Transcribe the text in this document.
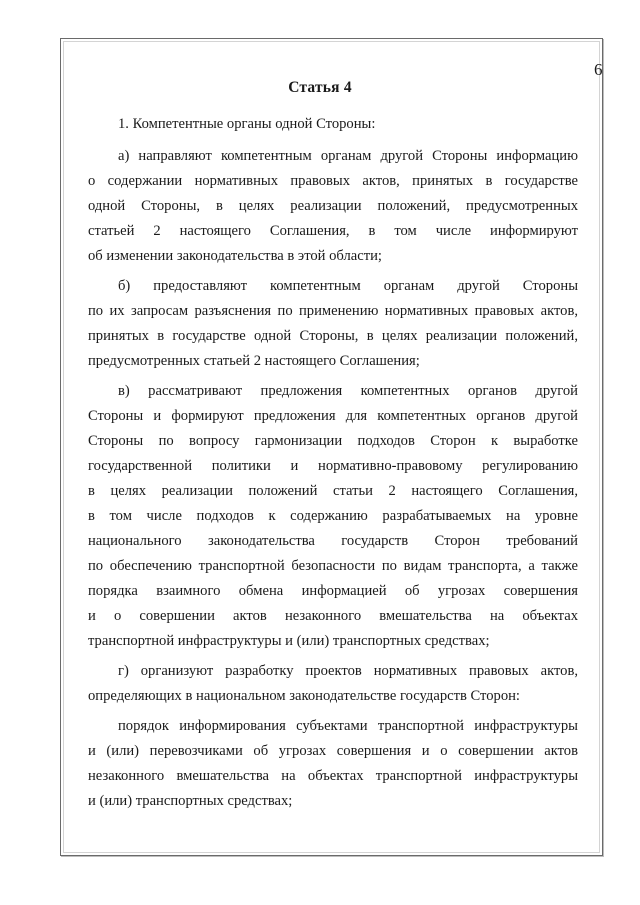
6
Статья 4
1. Компетентные органы одной Стороны:
а) направляют компетентным органам другой Стороны информацию
о содержании нормативных правовых актов, принятых в государстве
одной Стороны, в целях реализации положений, предусмотренных
статьей 2 настоящего Соглашения, в том числе информируют
об изменении законодательства в этой области;
б) предоставляют компетентным органам другой Стороны
по их запросам разъяснения по применению нормативных правовых актов,
принятых в государстве одной Стороны, в целях реализации положений,
предусмотренных статьей 2 настоящего Соглашения;
в) рассматривают предложения компетентных органов другой
Стороны и формируют предложения для компетентных органов другой
Стороны по вопросу гармонизации подходов Сторон к выработке
государственной политики и нормативно-правовому регулированию
в целях реализации положений статьи 2 настоящего Соглашения,
в том числе подходов к содержанию разрабатываемых на уровне
национального законодательства государств Сторон требований
по обеспечению транспортной безопасности по видам транспорта, а также
порядка взаимного обмена информацией об угрозах совершения
и о совершении актов незаконного вмешательства на объектах
транспортной инфраструктуры и (или) транспортных средствах;
г) организуют разработку проектов нормативных правовых актов,
определяющих в национальном законодательстве государств Сторон:
порядок информирования субъектами транспортной инфраструктуры
и (или) перевозчиками об угрозах совершения и о совершении актов
незаконного вмешательства на объектах транспортной инфраструктуры
и (или) транспортных средствах;
